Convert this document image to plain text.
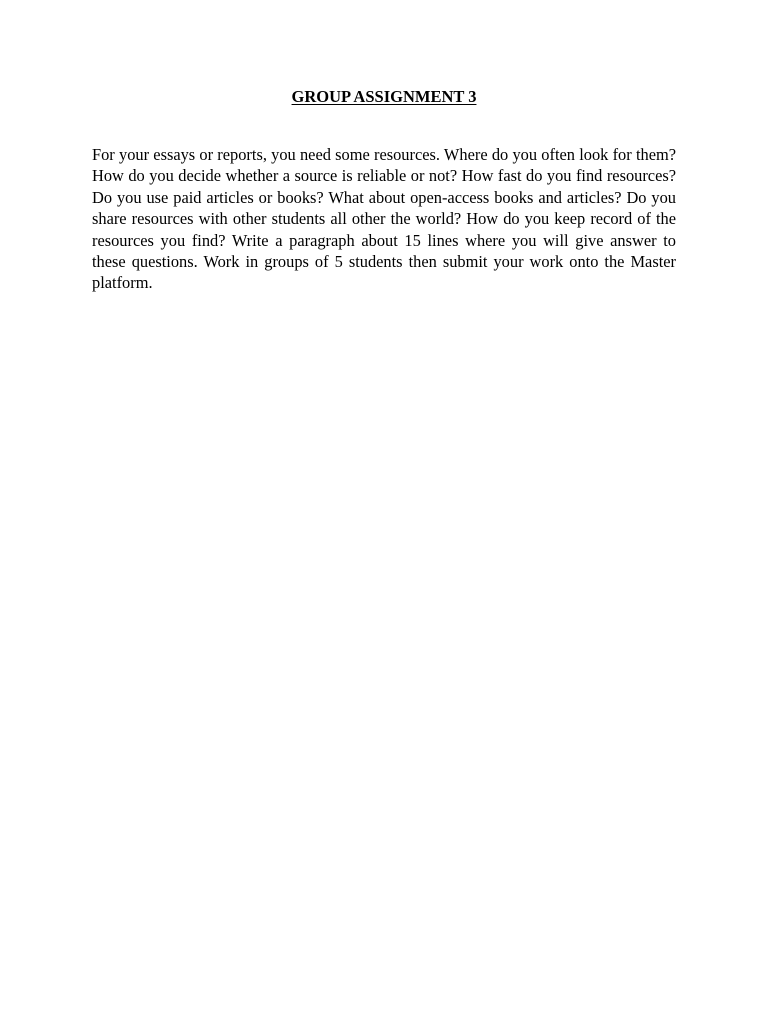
GROUP ASSIGNMENT 3

For your essays or reports, you need some resources. Where do you often look for them? How do you decide whether a source is reliable or not? How fast do you find resources? Do you use paid articles or books? What about open-access books and articles? Do you share resources with other students all other the world? How do you keep record of the resources you find? Write a paragraph about 15 lines where you will give answer to these questions. Work in groups of 5 students then submit your work onto the Master platform.
